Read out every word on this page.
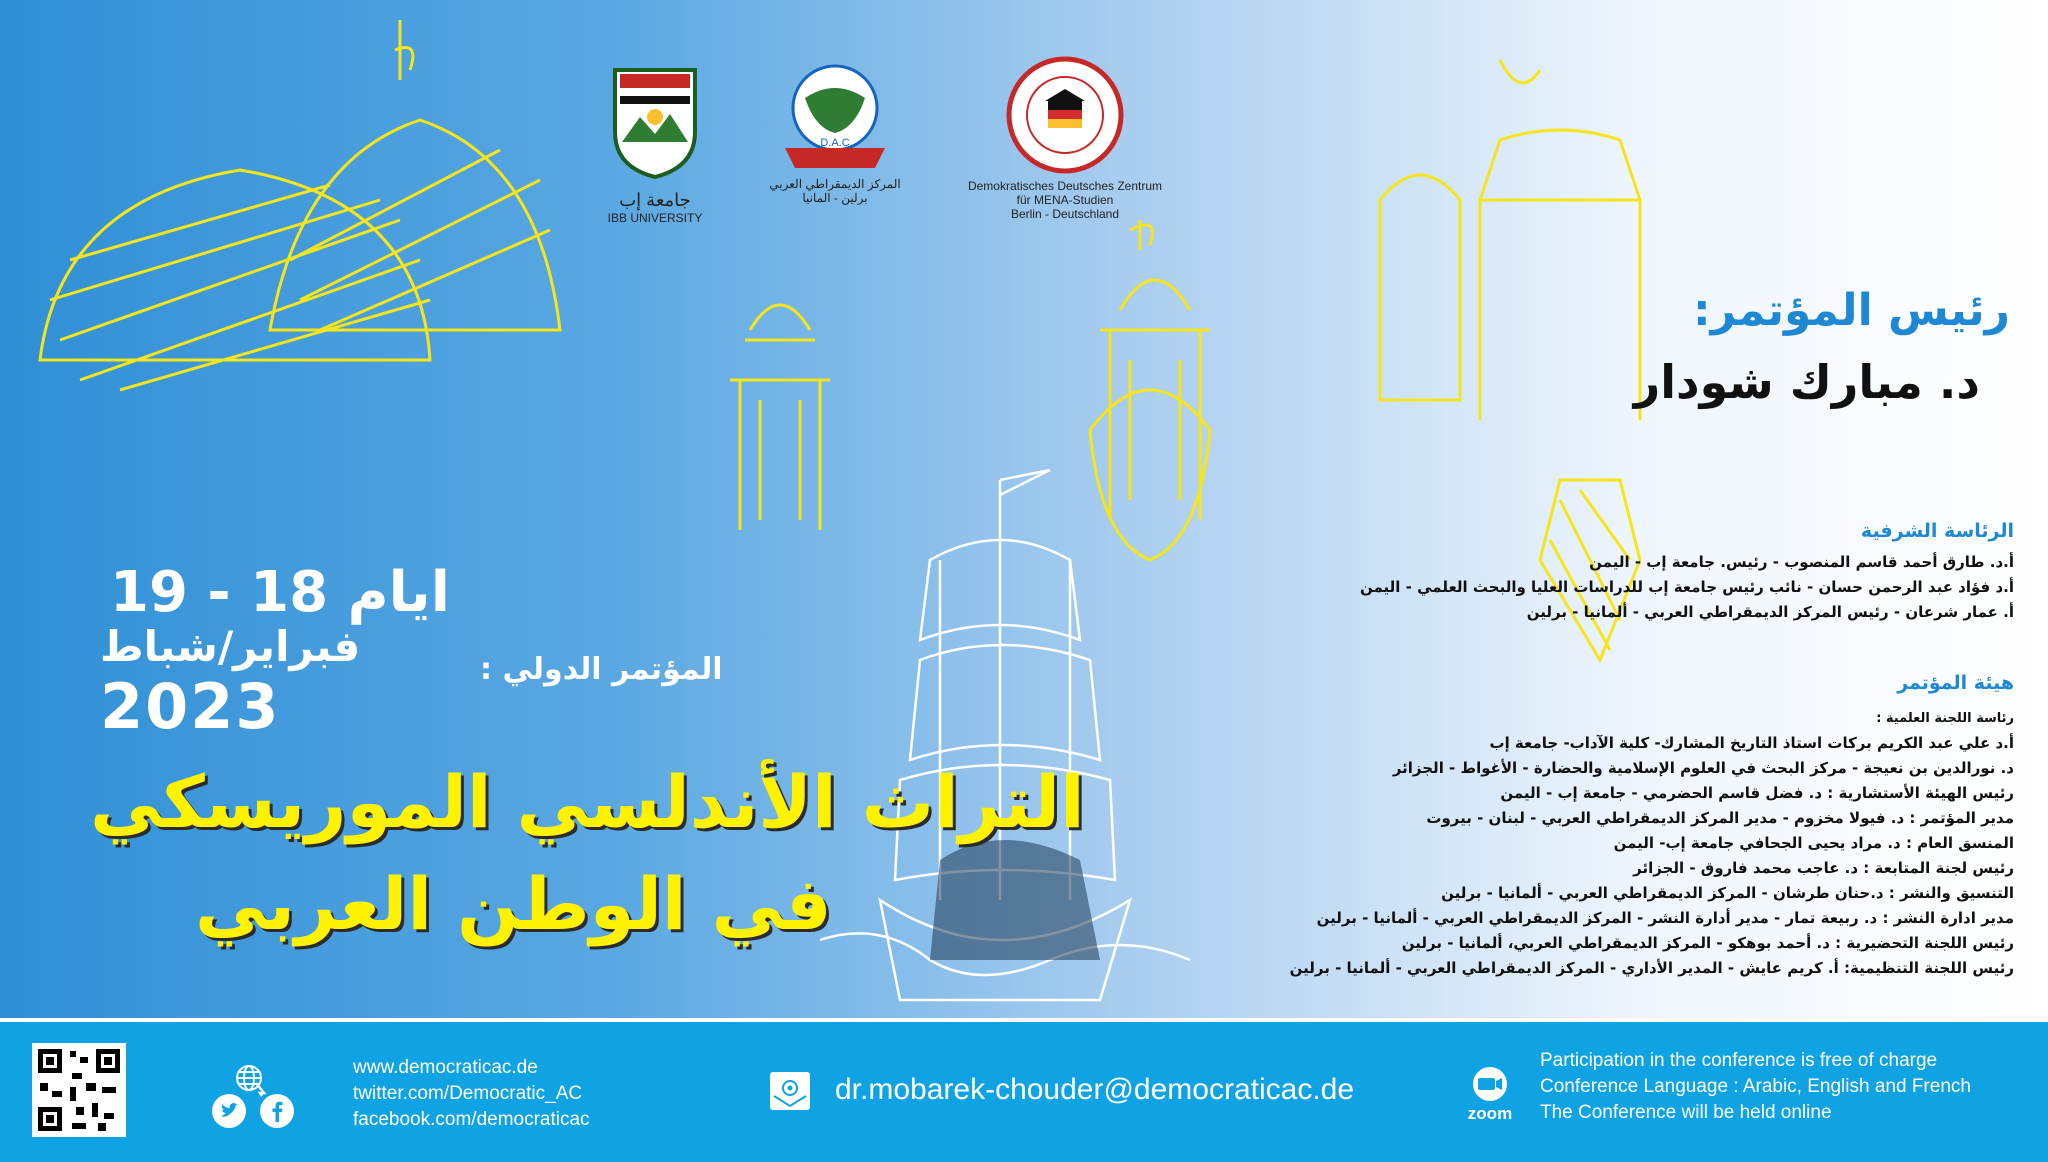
جامعة إب
IBB UNIVERSITY
D.A.C
المركز الديمقراطي العربي
برلين - المانيا
Demokratisches Deutsches Zentrum
für MENA-Studien
Berlin - Deutschland
رئيس المؤتمر:
د. مبارك شودار
الرئاسة الشرفية
أ.د. طارق أحمد قاسم المنصوب - رئيس. جامعة إب - اليمن
أ.د فؤاد عبد الرحمن حسان - نائب رئيس جامعة إب للدراسات العليا والبحث العلمي - اليمن
أ. عمار شرعان - رئيس المركز الديمقراطي العربي - ألمانيا - برلين
هيئة المؤتمر
رئاسة اللجنة العلمية :
أ.د علي عبد الكريم بركات استاذ التاريخ المشارك- كلية الآداب- جامعة إب
د. نورالدين بن نعيجة - مركز البحث في العلوم الإسلامية والحضارة - الأغواط - الجزائر
رئيس الهيئة الأستشارية : د. فضل قاسم الحضرمي - جامعة إب - اليمن
مدير المؤتمر : د. فيولا مخزوم - مدير المركز الديمقراطي العربي - لبنان - بيروت
المنسق العام : د. مراد يحيى الجحافي جامعة إب- اليمن
رئيس لجنة المتابعة : د. عاجب محمد فاروق - الجزائر
التنسيق والنشر : د.حنان طرشان - المركز الديمقراطي العربي - ألمانيا - برلين
مدير ادارة النشر : د. ربيعة تمار - مدير أدارة النشر - المركز الديمقراطي العربي - ألمانيا - برلين
رئيس اللجنة التحضيرية : د. أحمد بوهكو - المركز الديمقراطي العربي، ألمانيا - برلين
رئيس اللجنة التنظيمية: أ. كريم عايش - المدير الأداري - المركز الديمقراطي العربي - ألمانيا - برلين
ايام 18 - 19
فبراير/شباط
2023
المؤتمر الدولي :
التراث الأندلسي الموريسكي
في الوطن العربي
www.democraticac.de
twitter.com/Democratic_AC
facebook.com/democraticac
dr.mobarek-chouder@democraticac.de
zoom
Participation in the conference is free of charge
Conference Language : Arabic, English and French
The Conference will be held online
